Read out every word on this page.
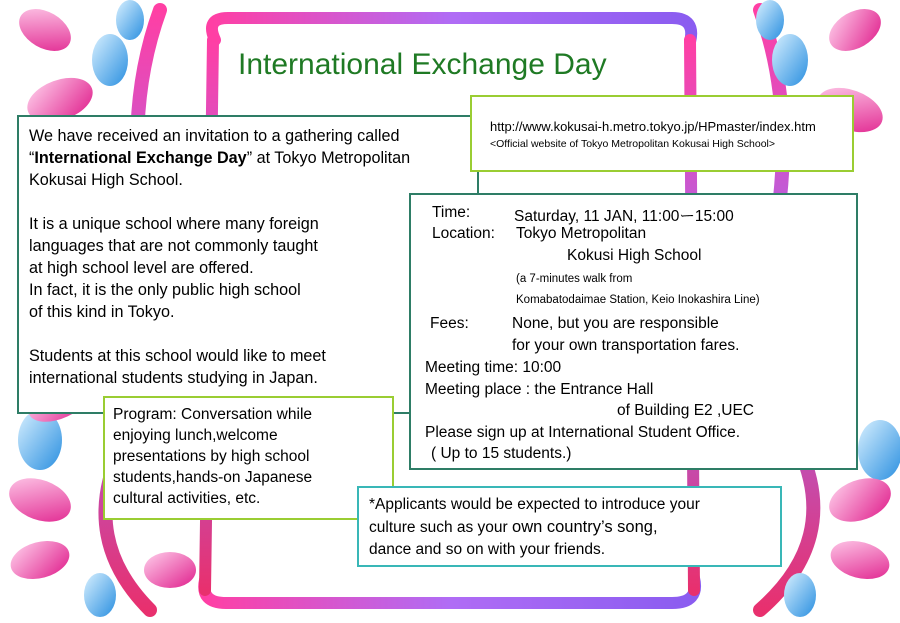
International Exchange Day

We have received an invitation to a gathering called

“International Exchange Day” at Tokyo Metropolitan

Kokusai High School.

It is a unique school where many foreign

languages that are not commonly taught

at high school level are offered.

In fact, it is the only public high school

of this kind in Tokyo.

Students at this school would like to meet

international students studying in Japan.

http://www.kokusai-h.metro.tokyo.jp/HPmaster/index.htm
<Official website of Tokyo Metropolitan Kokusai High School>
Time:	Saturday, 11 JAN, 11:00ー15:00
Location: Tokyo Metropolitan
Kokusi High School
(a 7-minutes walk from
Komabatodaimae Station, Keio Inokashira Line)
Fees:	None, but you are responsible
for your own transportation fares.
Meeting time: 10:00
Meeting place : the Entrance Hall
of Building E2 ,UEC
Please sign up at International Student Office.
( Up to 15 students.)
Program: Conversation while
enjoying lunch,welcome
presentations by high school
students,hands-on Japanese
cultural activities, etc.	*Applicants would be expected to introduce your
culture such as your own country’s song,
dance and so on with your friends.
